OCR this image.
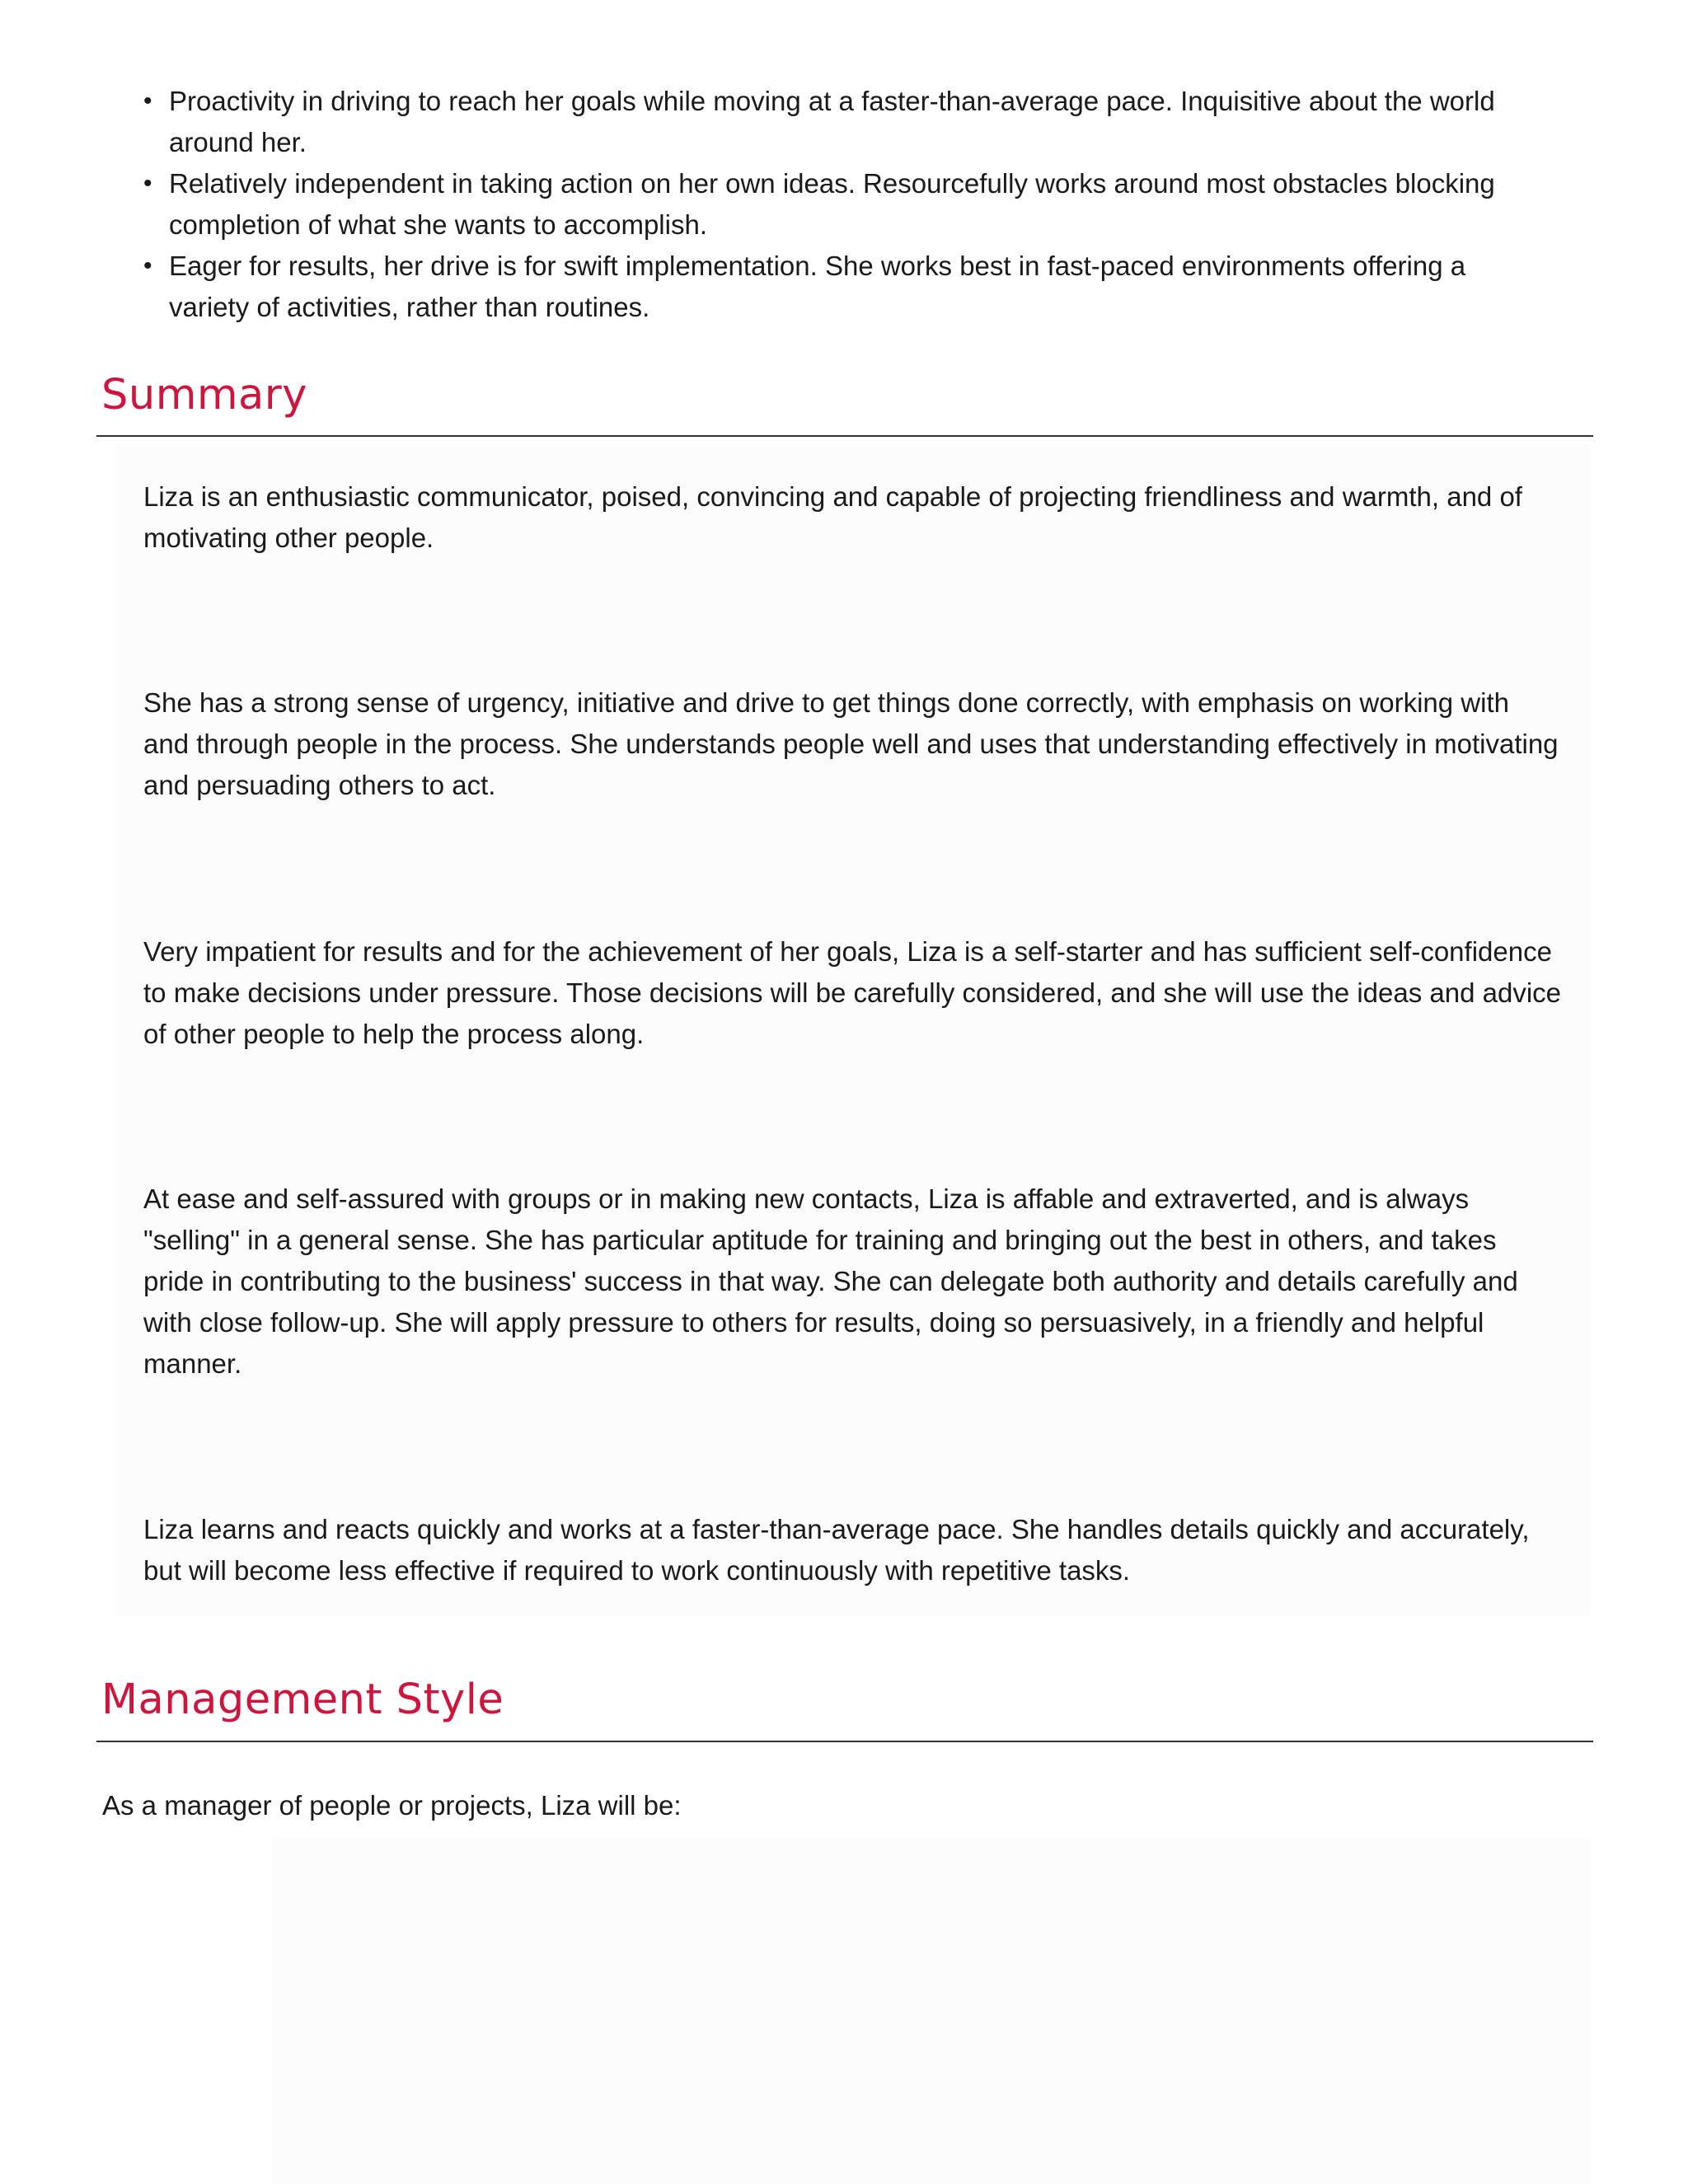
• Proactivity in driving to reach her goals while moving at a faster-than-average pace. Inquisitive about the world around her.
• Relatively independent in taking action on her own ideas. Resourcefully works around most obstacles blocking completion of what she wants to accomplish.
• Eager for results, her drive is for swift implementation. She works best in fast-paced environments offering a variety of activities, rather than routines.
Summary

Liza is an enthusiastic communicator, poised, convincing and capable of projecting friendliness and warmth, and of motivating other people.

She has a strong sense of urgency, initiative and drive to get things done correctly, with emphasis on working with and through people in the process. She understands people well and uses that understanding effectively in motivating and persuading others to act.

Very impatient for results and for the achievement of her goals, Liza is a self-starter and has sufficient self-confidence to make decisions under pressure. Those decisions will be carefully considered, and she will use the ideas and advice of other people to help the process along.

At ease and self-assured with groups or in making new contacts, Liza is affable and extraverted, and is always "selling" in a general sense. She has particular aptitude for training and bringing out the best in others, and takes pride in contributing to the business' success in that way. She can delegate both authority and details carefully and with close follow-up. She will apply pressure to others for results, doing so persuasively, in a friendly and helpful manner.

Liza learns and reacts quickly and works at a faster-than-average pace. She handles details quickly and accurately, but will become less effective if required to work continuously with repetitive tasks.

Management Style

As a manager of people or projects, Liza will be:
